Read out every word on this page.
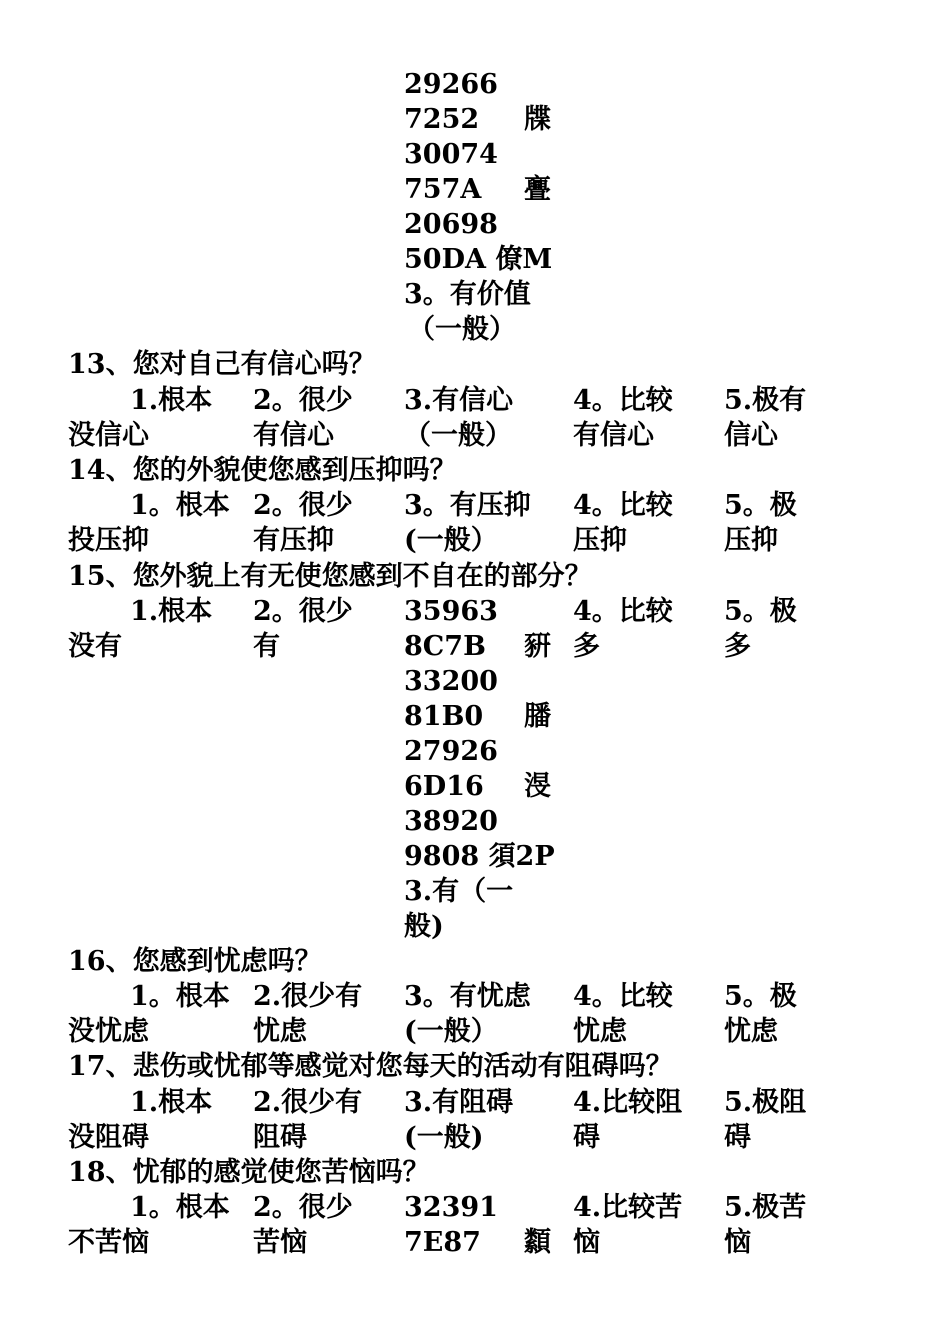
29266
7252 牒
30074
757A 亹
20698
50DA 僚M
3。有价值
（一般）
13、您对自己有信心吗？
1.根本
没信心
2。很少
有信心
3.有信心
（一般）
4。比较
有信心
5.极有
信心
14、您的外貌使您感到压抑吗？
1。根本
投压抑
2。很少
有压抑
3。有压抑
(一般）
4。比较
压抑
5。极
压抑
15、您外貌上有无使您感到不自在的部分？
1.根本
没有
2。很少
有
35963
8C7B 豣
33200
81B0 膰
27926
6D16 渂
38920
9808 須2P
3.有（一
般)
4。比较
多
5。极
多
16、您感到忧虑吗？
1。根本
没忧虑
2.很少有
忧虑
3。有忧虑
(一般）
4。比较
忧虑
5。极
忧虑
17、悲伤或忧郁等感觉对您每天的活动有阻碍吗？
1.根本
没阻碍
2.很少有
阻碍
3.有阻碍
(一般)
4.比较阻
碍
5.极阻
碍
18、忧郁的感觉使您苦恼吗？
1。根本
不苦恼
2。很少
苦恼
32391
7E87 纇
4.比较苦
恼
5.极苦
恼
